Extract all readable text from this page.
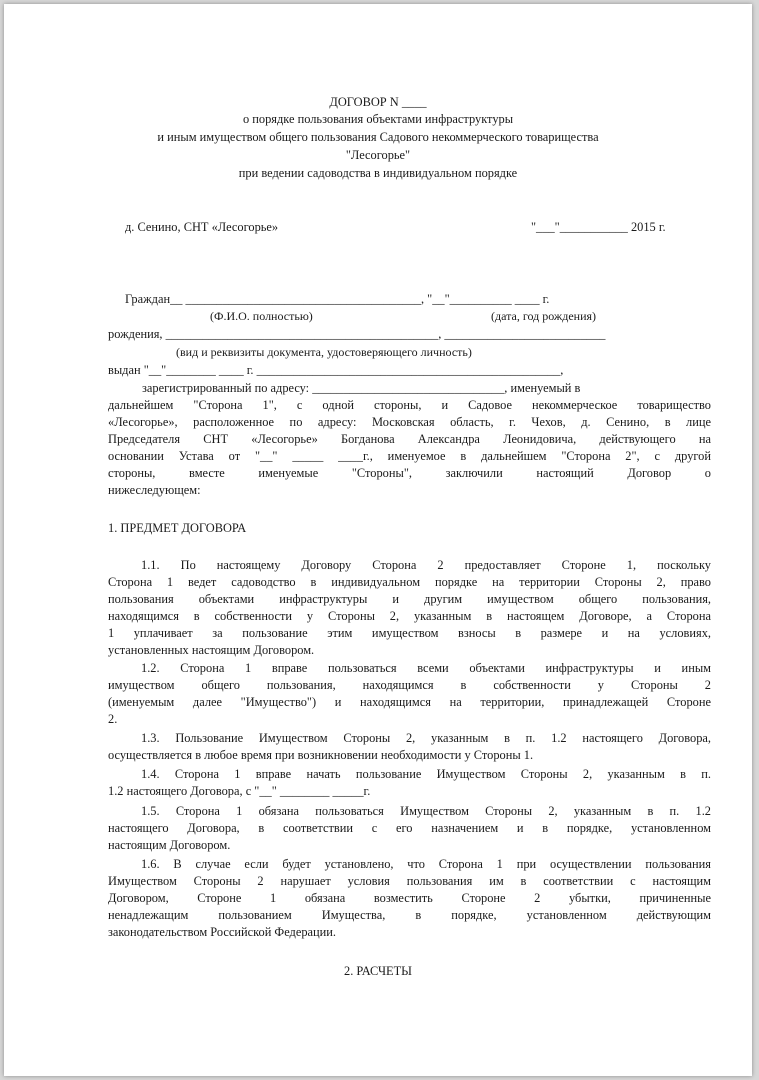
ДОГОВОР N ____
о порядке пользования объектами инфраструктуры
и иным имуществом общего пользования Садового некоммерческого товарищества
"Лесогорье"
при ведении садоводства в индивидуальном порядке
д. Сенино, СНТ «Лесогорье»	"___"___________ 2015 г.
Граждан__ ______________________________________, "__"__________ ____ г.
(Ф.И.О. полностью)	(дата, год рождения)
рождения, ____________________________________________, __________________________
(вид и реквизиты документа, удостоверяющего личность)
выдан "__"________ ____ г. _________________________________________________,
зарегистрированный по адресу: _______________________________, именуемый в
дальнейшем "Сторона 1", с одной стороны, и Садовое некоммерческое товарищество
«Лесогорье», расположенное по адресу: Московская область, г. Чехов, д. Сенино, в лице
Председателя СНТ «Лесогорье» Богданова Александра Леонидовича, действующего на
основании Устава от "__" _____ ____г., именуемое в дальнейшем "Сторона 2", с другой
стороны, вместе именуемые "Стороны", заключили настоящий Договор о
нижеследующем:
1. ПРЕДМЕТ ДОГОВОРА
1.1. По настоящему Договору Сторона 2 предоставляет Стороне 1, поскольку
Сторона 1 ведет садоводство в индивидуальном порядке на территории Стороны 2, право
пользования объектами инфраструктуры и другим имуществом общего пользования,
находящимся в собственности у Стороны 2, указанным в настоящем Договоре, а Сторона
1 уплачивает за пользование этим имуществом взносы в размере и на условиях,
установленных настоящим Договором.
1.2. Сторона 1 вправе пользоваться всеми объектами инфраструктуры и иным
имуществом общего пользования, находящимся в собственности у Стороны 2
(именуемым далее "Имущество") и находящимся на территории, принадлежащей Стороне
2.
1.3. Пользование Имуществом Стороны 2, указанным в п. 1.2 настоящего Договора,
осуществляется в любое время при возникновении необходимости у Стороны 1.
1.4. Сторона 1 вправе начать пользование Имуществом Стороны 2, указанным в п.
1.2 настоящего Договора, с "__" ________ _____г.
1.5. Сторона 1 обязана пользоваться Имуществом Стороны 2, указанным в п. 1.2
настоящего Договора, в соответствии с его назначением и в порядке, установленном
настоящим Договором.
1.6. В случае если будет установлено, что Сторона 1 при осуществлении пользования
Имуществом Стороны 2 нарушает условия пользования им в соответствии с настоящим
Договором, Стороне 1 обязана возместить Стороне 2 убытки, причиненные
ненадлежащим пользованием Имущества, в порядке, установленном действующим
законодательством Российской Федерации.
2. РАСЧЕТЫ
